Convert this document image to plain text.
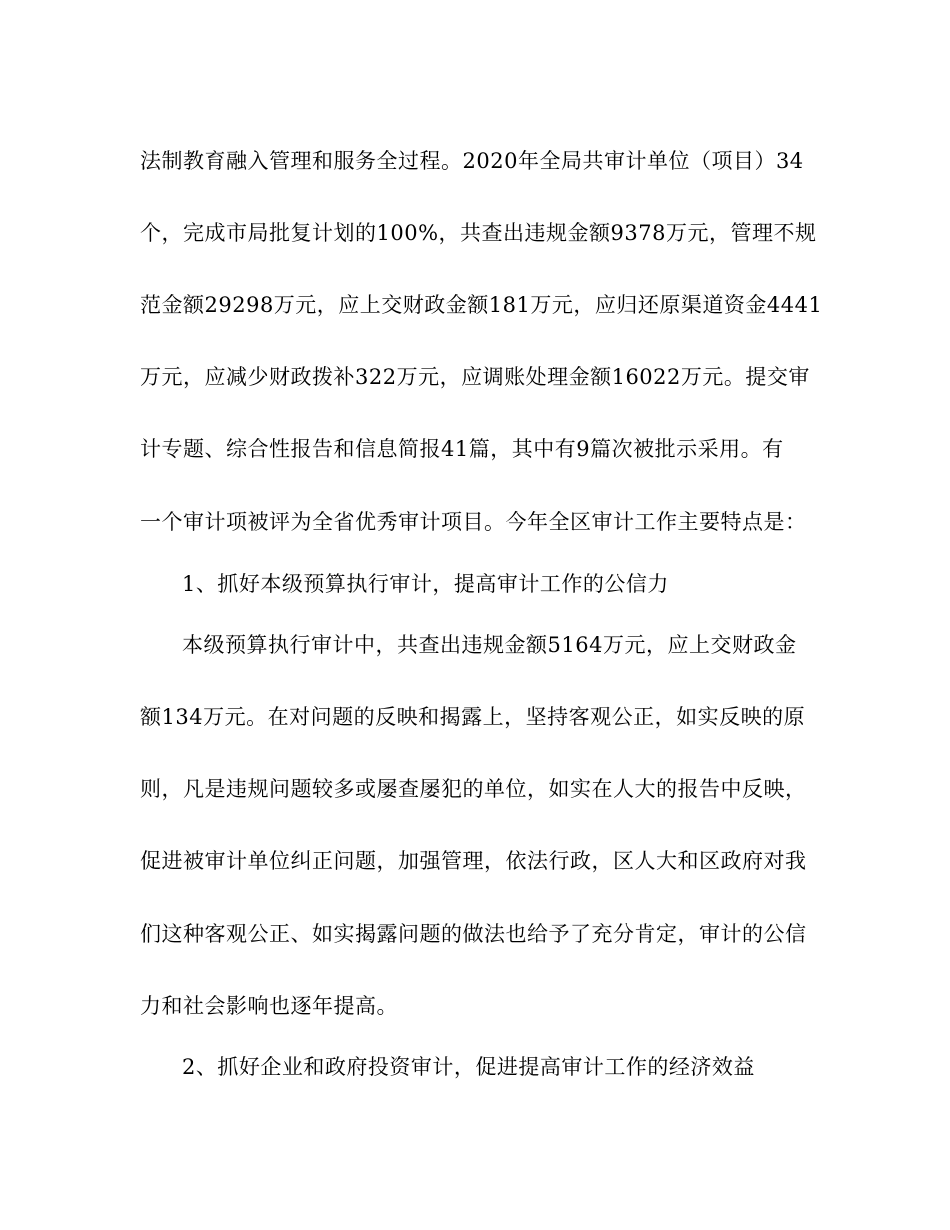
法制教育融入管理和服务全过程。2020年全局共审计单位（项目）34
个，完成市局批复计划的100%，共查出违规金额9378万元，管理不规
范金额29298万元，应上交财政金额181万元，应归还原渠道资金4441
万元，应减少财政拨补322万元，应调账处理金额16022万元。提交审
计专题、综合性报告和信息简报41篇，其中有9篇次被批示采用。有
一个审计项被评为全省优秀审计项目。今年全区审计工作主要特点是：
1、抓好本级预算执行审计，提高审计工作的公信力
本级预算执行审计中，共查出违规金额5164万元，应上交财政金
额134万元。在对问题的反映和揭露上，坚持客观公正，如实反映的原
则，凡是违规问题较多或屡查屡犯的单位，如实在人大的报告中反映，
促进被审计单位纠正问题，加强管理，依法行政，区人大和区政府对我
们这种客观公正、如实揭露问题的做法也给予了充分肯定，审计的公信
力和社会影响也逐年提高。
2、抓好企业和政府投资审计，促进提高审计工作的经济效益
